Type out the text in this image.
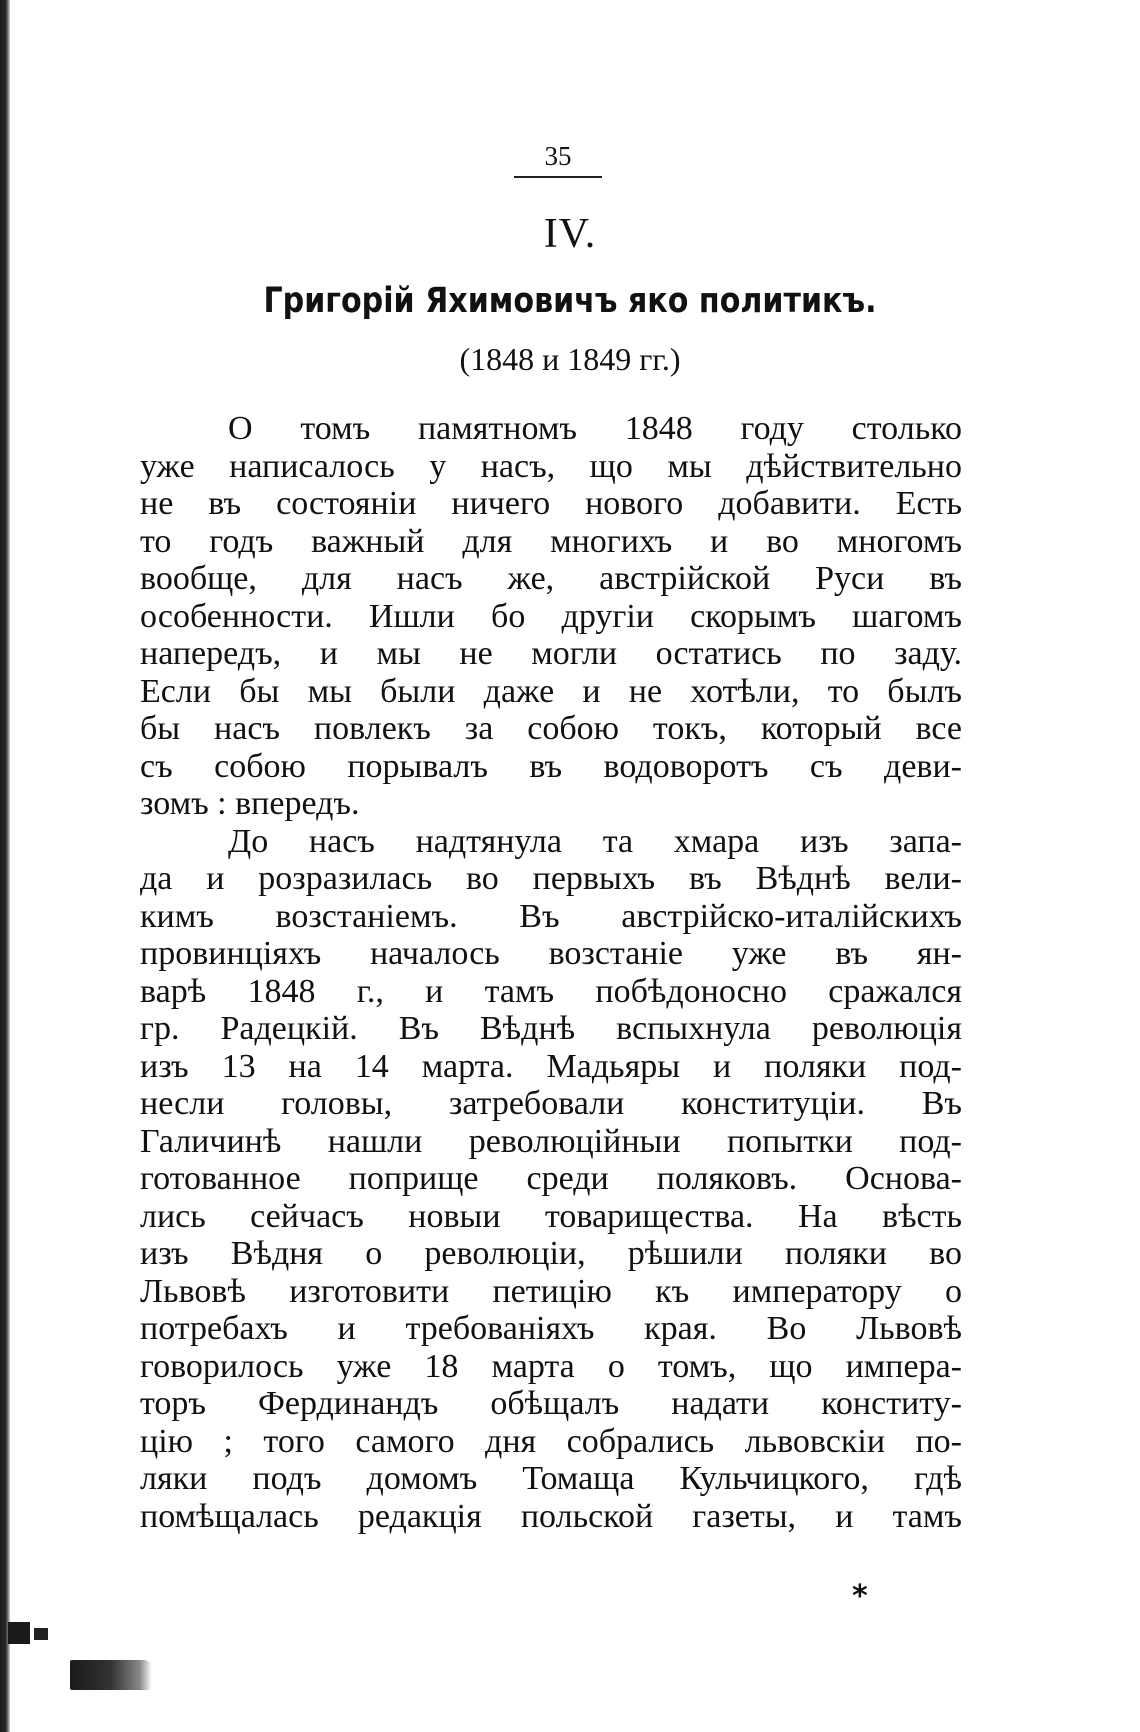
35
IV.
Григорій Яхимовичъ яко политикъ.
(1848 и 1849 гг.)
О томъ памятномъ 1848 году столько
уже написалось у насъ, що мы дѣйствительно
не въ состояніи ничего нового добавити. Есть
то годъ важный для многихъ и во многомъ
вообще, для насъ же, австрійской Руси въ
особенности. Ишли бо другіи скорымъ шагомъ
напередъ, и мы не могли остатись по заду.
Если бы мы были даже и не хотѣли, то былъ
бы насъ повлекъ за собою токъ, который все
съ собою порывалъ въ водоворотъ съ деви-
зомъ : впередъ.
До насъ надтянула та хмара изъ запа-
да и розразилась во первыхъ въ Вѣднѣ вели-
кимъ возстаніемъ. Въ австрійско-италійскихъ
провинціяхъ началось возстаніе уже въ ян-
варѣ 1848 г., и тамъ побѣдоносно сражался
гр. Радецкій. Въ Вѣднѣ вспыхнула революція
изъ 13 на 14 марта. Мадьяры и поляки под-
несли головы, затребовали конституціи. Въ
Галичинѣ нашли революційныи попытки под-
готованное поприще среди поляковъ. Основа-
лись сейчасъ новыи товарищества. На вѣсть
изъ Вѣдня о революціи, рѣшили поляки во
Львовѣ изготовити петицію къ императору о
потребахъ и требованіяхъ края. Во Львовѣ
говорилось уже 18 марта о томъ, що импера-
торъ Фердинандъ обѣщалъ надати конститу-
цію ; того самого дня собрались львовскіи по-
ляки подъ домомъ Томаща Кульчицкого, гдѣ
помѣщалась редакція польской газеты, и тамъ
*
